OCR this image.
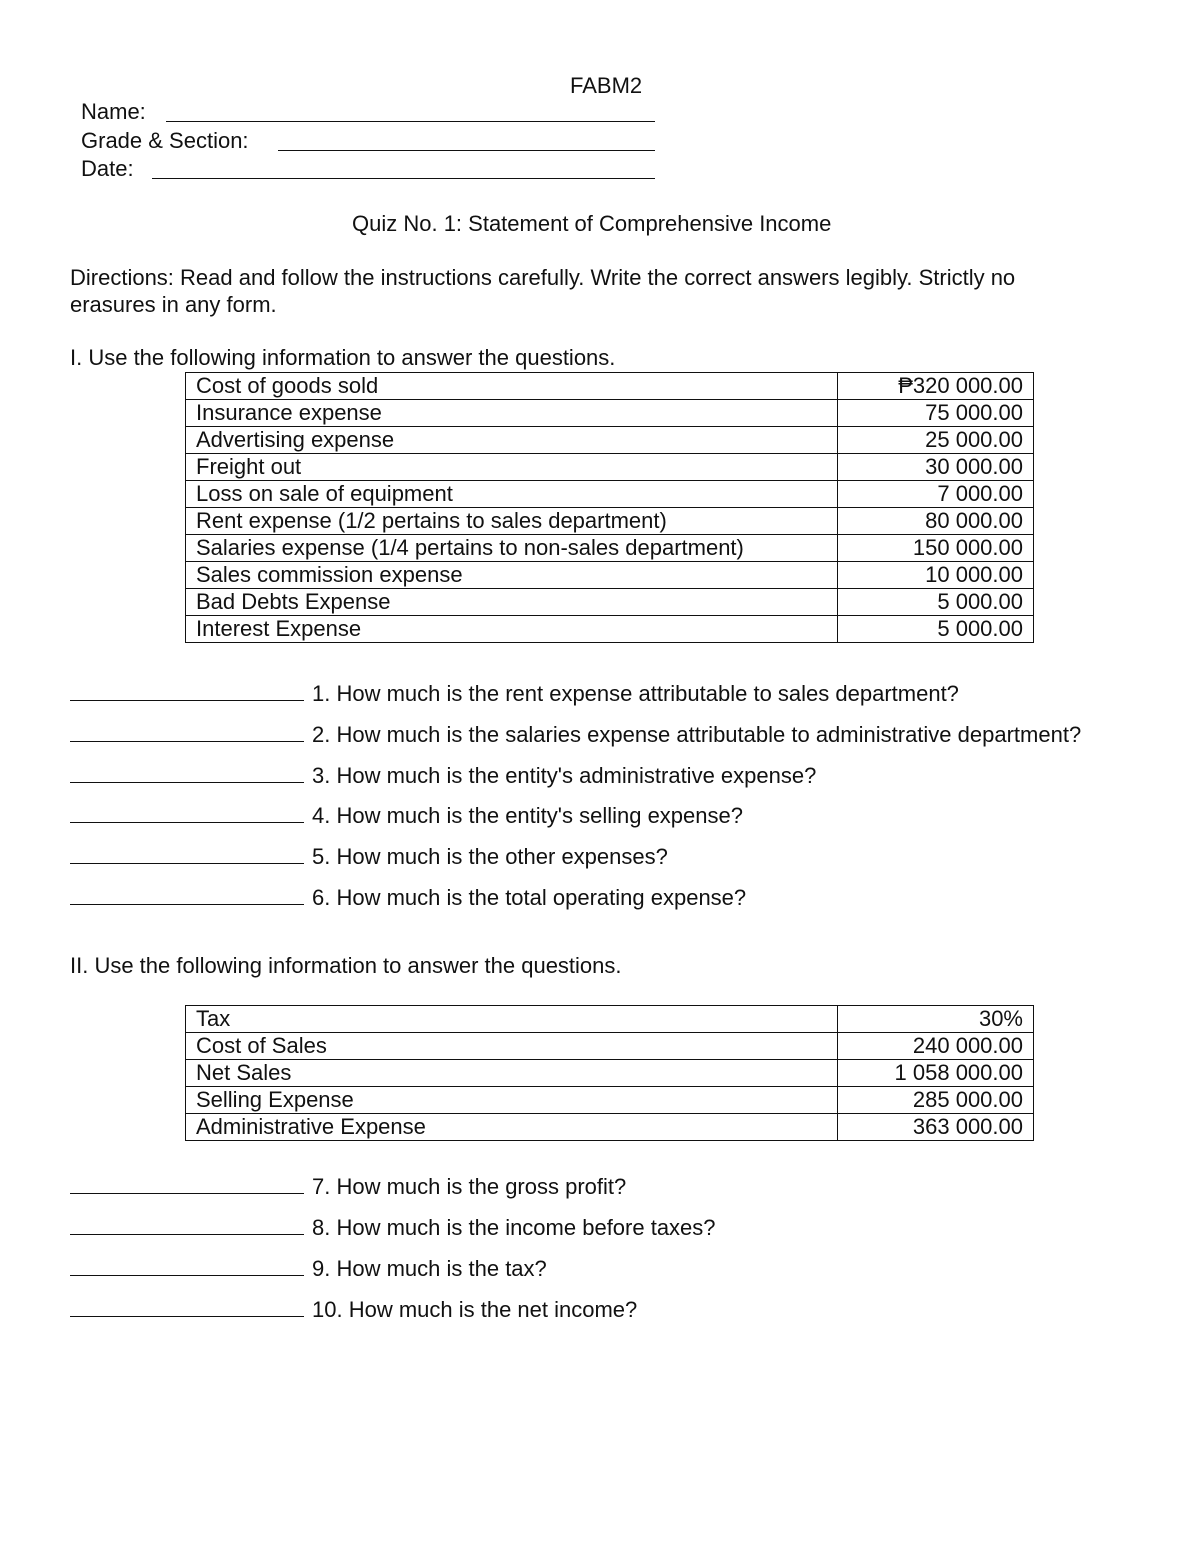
FABM2
Name:
Grade & Section:
Date:
Quiz No. 1: Statement of Comprehensive Income
Directions: Read and follow the instructions carefully. Write the correct answers legibly. Strictly no
erasures in any form.
I. Use the following information to answer the questions.
Cost of goods sold	₱320 000.00
Insurance expense	75 000.00
Advertising expense	25 000.00
Freight out	30 000.00
Loss on sale of equipment	7 000.00
Rent expense (1/2 pertains to sales department)	80 000.00
Salaries expense (1/4 pertains to non-sales department)	150 000.00
Sales commission expense	10 000.00
Bad Debts Expense	5 000.00
Interest Expense	5 000.00
1. How much is the rent expense attributable to sales department?
2. How much is the salaries expense attributable to administrative department?
3. How much is the entity's administrative expense?
4. How much is the entity's selling expense?
5. How much is the other expenses?
6. How much is the total operating expense?
II. Use the following information to answer the questions.
Tax	30%
Cost of Sales	240 000.00
Net Sales	1 058 000.00
Selling Expense	285 000.00
Administrative Expense	363 000.00
7. How much is the gross profit?
8. How much is the income before taxes?
9. How much is the tax?
10. How much is the net income?
